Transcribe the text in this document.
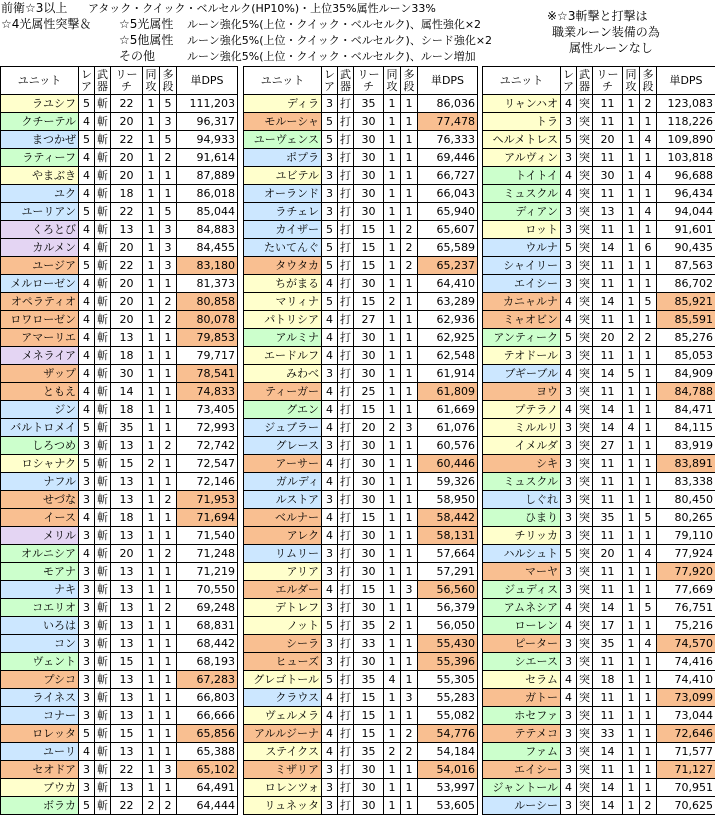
前衛☆3以上 アタック・クイック・ベルセルク(HP10%)・上位35%属性ルーン33%
☆4光属性突撃＆ ☆5光属性 ルーン強化5%(上位・クイック・ベルセルク)、属性強化×2
☆5他属性 ルーン強化5%(上位・クイック・ベルセルク)、シード強化×2
その他	ルーン強化5%(上位・クイック・ベルセルク)、ルーン増加
※☆3斬撃と打撃は
職業ルーン装備の為
属性ルーンなし
ユニット	レア	武器	リーチ	同攻	多段	単DPS
ラユシフ	5	斬	22	1	5	111,203
クチーテル	4	斬	20	1	3	96,317
まつかぜ	5	斬	22	1	5	94,933
ラティーフ	4	斬	20	1	2	91,614
やまぶき	4	斬	20	1	1	87,889
ユク	4	斬	18	1	1	86,018
ユーリアン	5	斬	22	1	5	85,044
くろとび	4	斬	13	1	3	84,883
カルメン	4	斬	20	1	3	84,455
ユージア	5	斬	22	1	3	83,180
メルローゼン	4	斬	20	1	1	81,373
オペラティオ	4	斬	20	1	2	80,858
ロワローゼン	4	斬	20	1	2	80,078
アマーリエ	4	斬	13	1	1	79,853
メネライア	4	斬	18	1	1	79,717
ザップ	4	斬	30	1	1	78,541
ともえ	4	斬	14	1	1	74,833
ジン	4	斬	18	1	1	73,405
バルトロメイ	5	斬	35	1	1	72,993
しろつめ	3	斬	13	1	2	72,742
ロシャナク	5	斬	15	2	1	72,547
ナフル	3	斬	13	1	1	72,146
せづな	3	斬	13	1	2	71,953
イース	4	斬	18	1	1	71,694
メリル	3	斬	13	1	1	71,540
オルニシア	4	斬	20	1	2	71,248
モアナ	3	斬	13	1	1	71,219
ナキ	3	斬	13	1	1	70,550
コエリオ	3	斬	13	1	2	69,248
いろは	3	斬	13	1	1	68,831
コン	3	斬	13	1	1	68,442
ヴェント	3	斬	15	1	1	68,193
プシコ	3	斬	13	1	1	67,283
ライネス	3	斬	13	1	1	66,803
コナー	3	斬	13	1	1	66,666
ロレッタ	5	斬	15	1	1	65,856
ユーリ	4	斬	13	1	1	65,388
セオドア	3	斬	22	1	3	65,102
ブウカ	3	斬	13	1	1	64,491
ボラカ	5	斬	22	2	2	64,444
ユニット	レア	武器	リーチ	同攻	多段	単DPS
ディラ	3	打	35	1	1	86,036
モルーシャ	5	打	30	1	1	77,478
ユーヴェンス	5	打	30	1	1	76,333
ポプラ	3	打	30	1	1	69,446
ユビテル	3	打	30	1	1	66,727
オーランド	3	打	30	1	1	66,043
ラチェレ	3	打	30	1	1	65,940
カイザー	5	打	15	1	2	65,607
たいてんぐ	5	打	15	1	2	65,589
タウタカ	5	打	15	1	2	65,237
ちがまる	4	打	30	1	1	64,410
マリィナ	5	打	15	2	1	63,289
パトリシア	4	打	27	1	1	62,936
アルミナ	4	打	30	1	1	62,925
エードルフ	4	打	30	1	1	62,548
みわべ	3	打	30	1	1	61,914
ティーガー	4	打	25	1	1	61,809
グエン	4	打	15	1	1	61,669
ジュブラー	4	打	20	2	3	61,076
グレース	3	打	30	1	1	60,576
アーサー	4	打	30	1	1	60,446
ガルディ	4	打	30	1	1	59,326
ルストア	3	打	30	1	1	58,950
ベルナー	4	打	15	1	1	58,442
アレク	4	打	30	1	1	58,131
リムリー	3	打	30	1	1	57,664
アリア	3	打	30	1	1	57,291
エルダー	4	打	15	1	3	56,560
デトレフ	3	打	30	1	1	56,379
ノット	5	打	35	2	1	56,050
シーラ	3	打	33	1	1	55,430
ヒューズ	3	打	30	1	1	55,396
グレゴトール	5	打	35	4	1	55,305
クラウス	4	打	15	1	3	55,283
ヴェルメラ	4	打	15	1	1	55,082
アルルジーナ	4	打	15	1	2	54,776
ステイクス	4	打	35	2	2	54,184
ミザリア	3	打	30	1	1	54,016
ロレンツォ	3	打	30	1	1	53,997
リュネッタ	3	打	30	1	1	53,605
ユニット	レア	武器	リーチ	同攻	多段	単DPS
リャンハオ	4	突	11	1	2	123,083
トラ	3	突	11	1	1	118,226
ヘルメトレス	5	突	20	1	4	109,890
アルヴィン	3	突	11	1	1	103,818
トイトイ	4	突	30	1	4	96,688
ミュスクル	4	突	11	1	1	96,434
ディアン	3	突	13	1	4	94,044
ロット	3	突	11	1	1	91,601
ウルナ	5	突	14	1	6	90,435
シャイリー	3	突	11	1	1	87,563
エイシー	3	突	11	1	1	86,702
カニャルナ	4	突	14	1	5	85,921
ミャオビン	4	突	11	1	1	85,591
アンティーク	5	突	20	2	2	85,276
テオドール	3	突	11	1	1	85,053
ブギーブル	4	突	14	5	1	84,909
ヨウ	3	突	11	1	1	84,788
プテラノ	4	突	14	1	1	84,471
ミルルリ	3	突	14	4	1	84,115
イメルダ	3	突	27	1	1	83,919
シキ	3	突	11	1	1	83,891
ミュスクル	3	突	11	1	1	83,338
しぐれ	3	突	11	1	1	80,450
ひまり	3	突	35	1	5	80,265
チリッカ	3	突	11	1	1	79,110
ハルシュト	5	突	20	1	4	77,924
マーヤ	3	突	11	1	1	77,920
ジュディス	3	突	11	1	1	77,669
アムネシア	4	突	14	1	5	76,751
ローレン	4	突	17	1	1	75,216
ピーター	3	突	35	1	4	74,570
シエース	3	突	11	1	1	74,416
セラム	4	突	18	1	1	74,410
ガトー	4	突	11	1	1	73,099
ホセファ	3	突	11	1	1	73,044
テテメコ	3	突	33	1	1	72,646
ファム	3	突	14	1	1	71,577
エイシー	3	突	11	1	1	71,127
ジャントール	4	突	14	1	1	70,951
ルーシー	3	突	14	1	2	70,625
